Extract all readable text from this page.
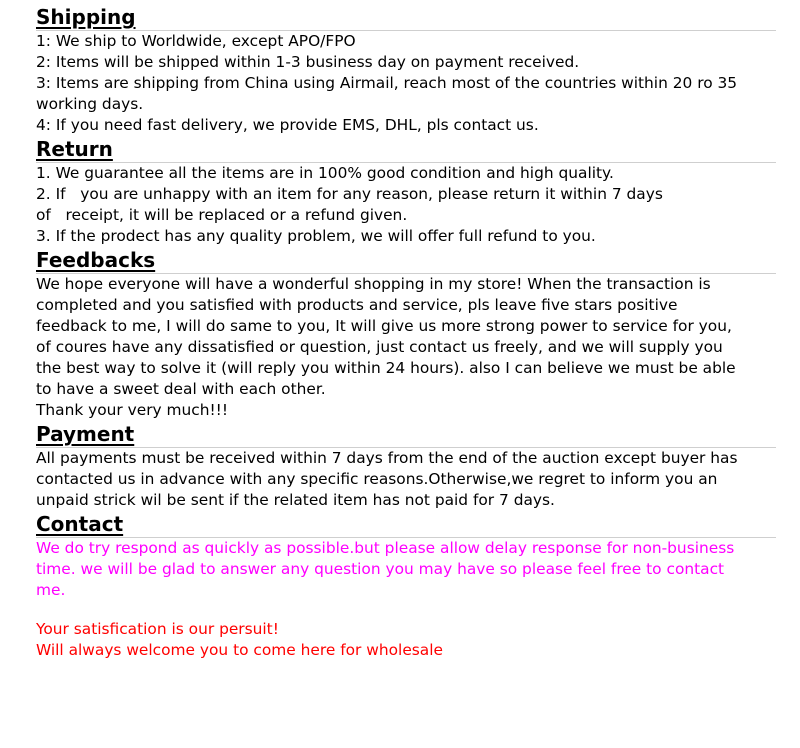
Shipping

1: We ship to Worldwide, except APO/FPO

2: Items will be shipped within 1-3 business day on payment received.

3: Items are shipping from China using Airmail, reach most of the countries within 20 ro 35

working days.

4: If you need fast delivery, we provide EMS, DHL, pls contact us.

Return

1. We guarantee all the items are in 100% good condition and high quality.

2. If   you are unhappy with an item for any reason, please return it within 7 days

of   receipt, it will be replaced or a refund given.

3. If the prodect has any quality problem, we will offer full refund to you.

Feedbacks

We hope everyone will have a wonderful shopping in my store! When the transaction is

completed and you satisfied with products and service, pls leave five stars positive

feedback to me, I will do same to you, It will give us more strong power to service for you,

of coures have any dissatisfied or question, just contact us freely, and we will supply you

the best way to solve it (will reply you within 24 hours). also I can believe we must be able

to have a sweet deal with each other.

Thank your very much!!!

Payment

All payments must be received within 7 days from the end of the auction except buyer has

contacted us in advance with any specific reasons.Otherwise,we regret to inform you an

unpaid strick wil be sent if the related item has not paid for 7 days.

Contact

We do try respond as quickly as possible.but please allow delay response for non-business

time. we will be glad to answer any question you may have so please feel free to contact

me.

Your satisfication is our persuit!

Will always welcome you to come here for wholesale
